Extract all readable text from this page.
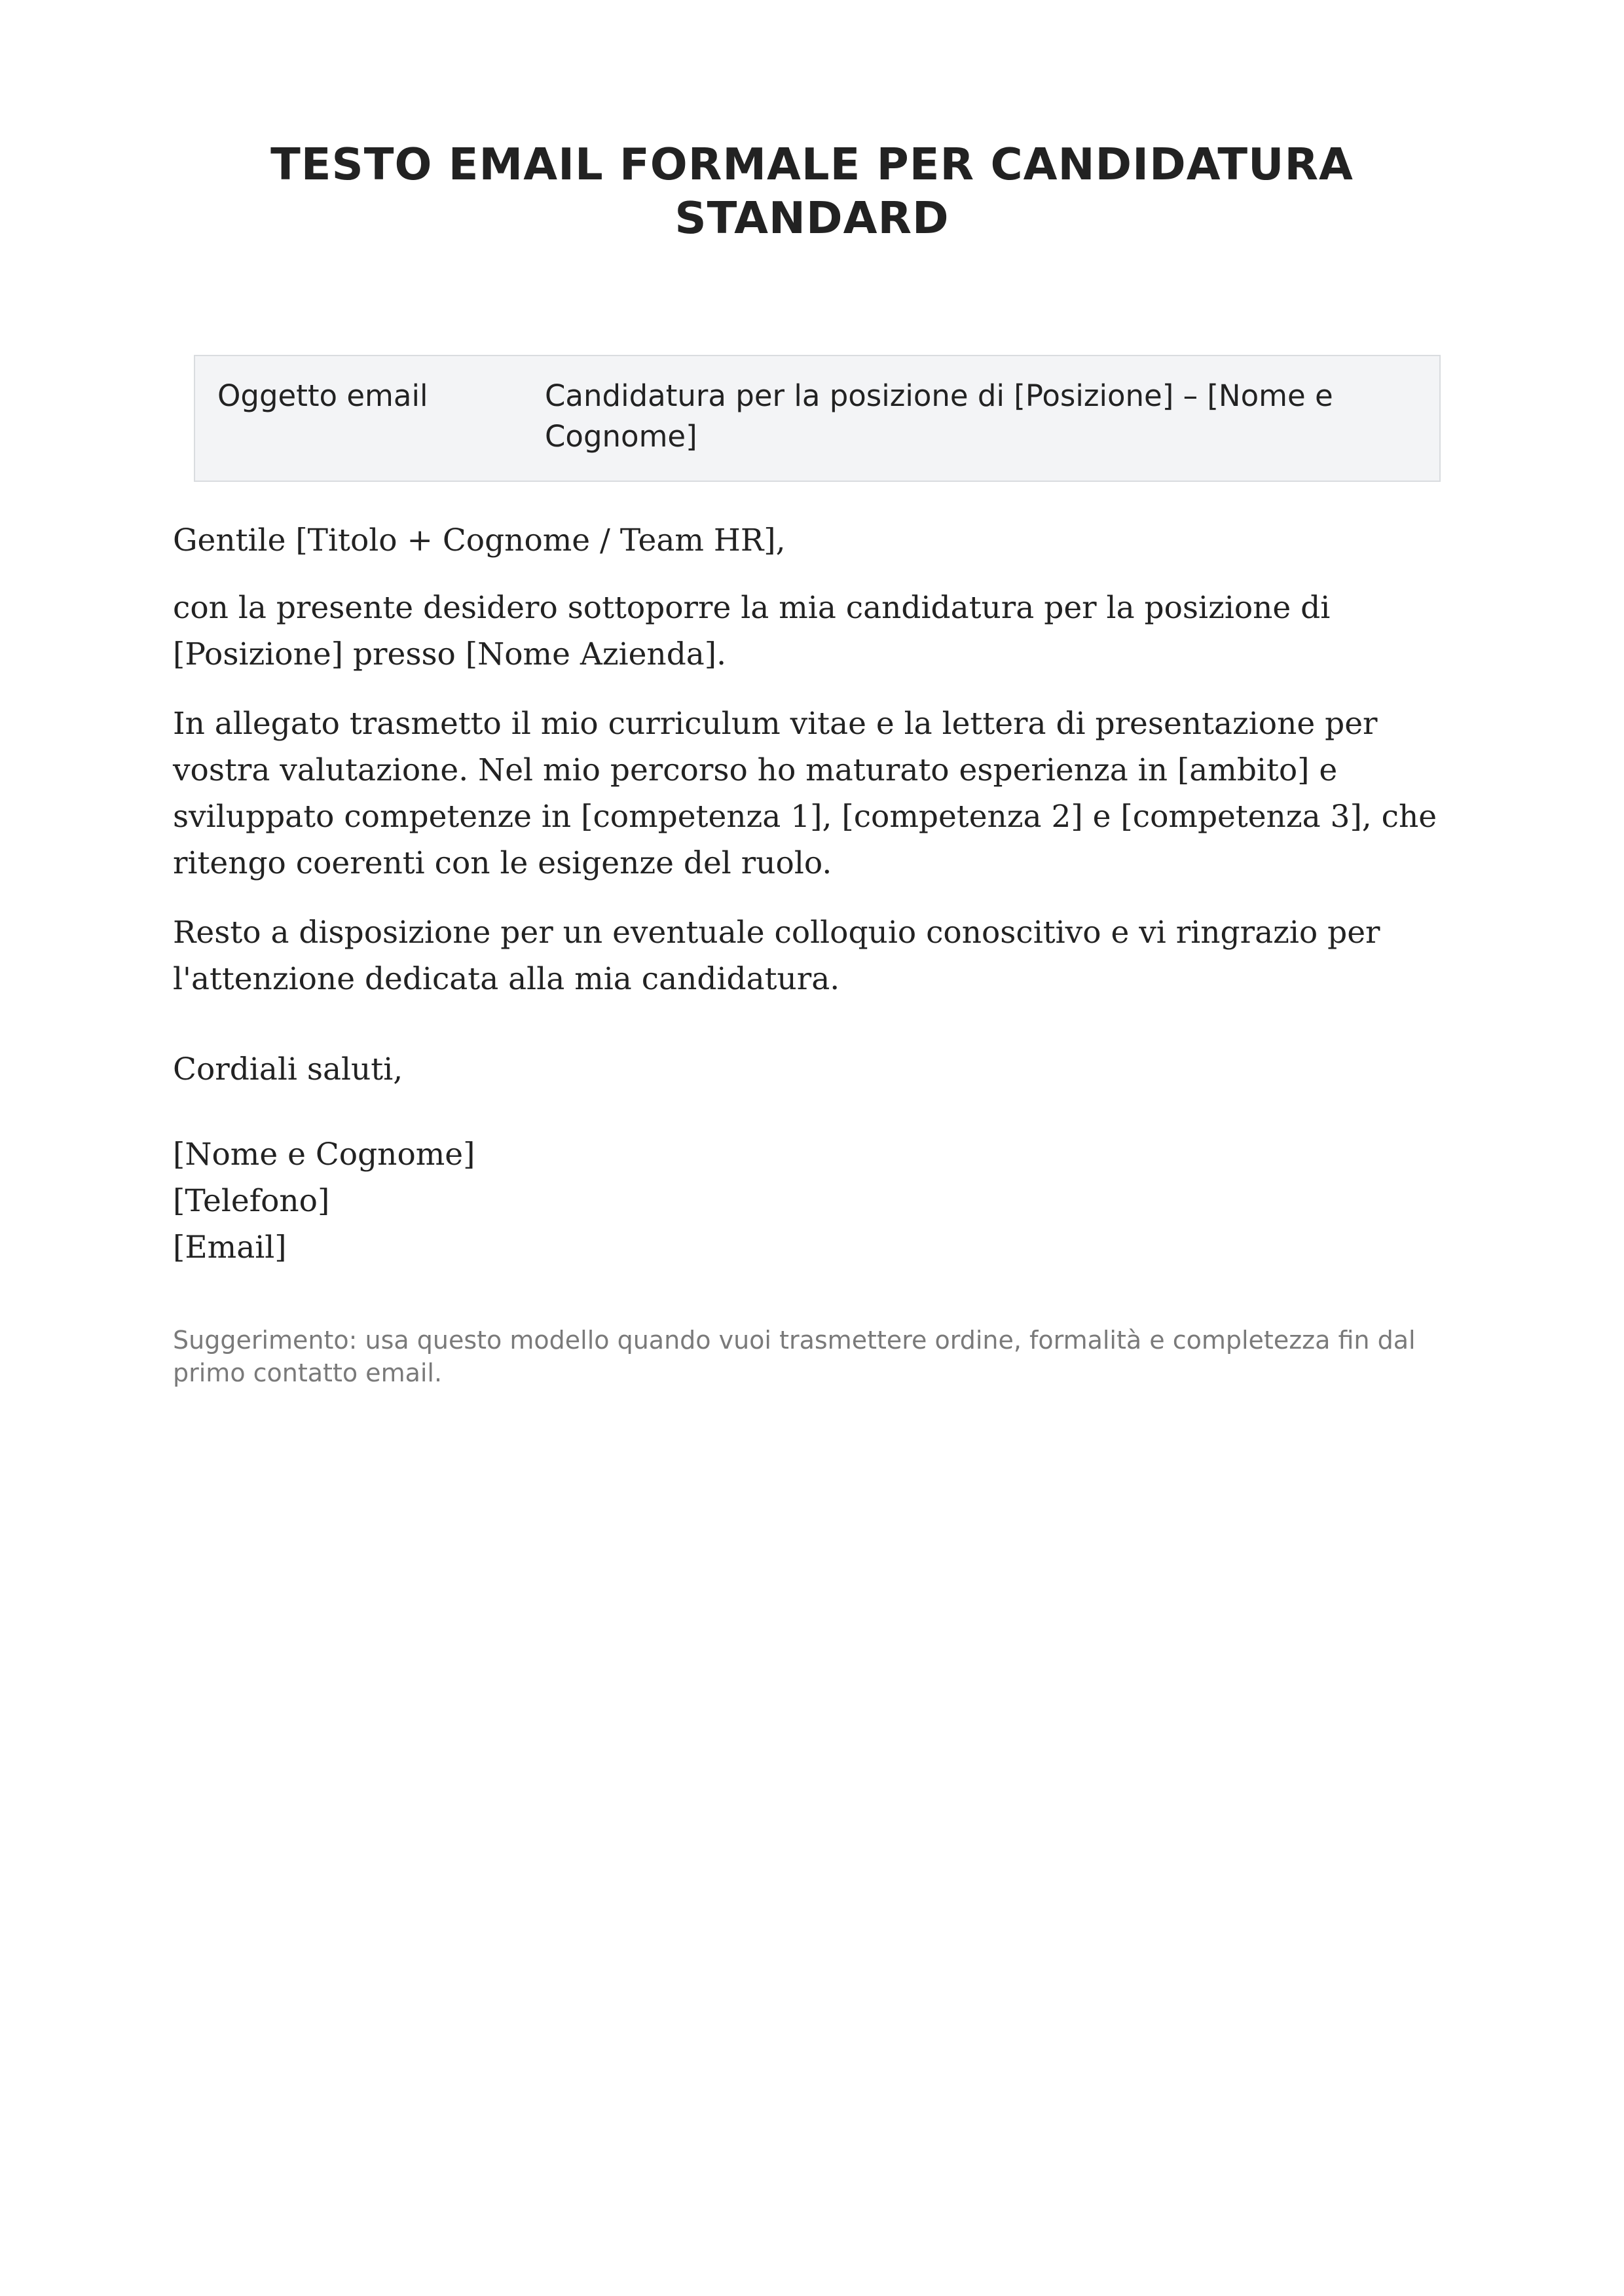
TESTO EMAIL FORMALE PER CANDIDATURA STANDARD
Oggetto email	Candidatura per la posizione di [Posizione] – [Nome e Cognome]

Gentile [Titolo + Cognome / Team HR],

con la presente desidero sottoporre la mia candidatura per la posizione di [Posizione] presso [Nome Azienda].

In allegato trasmetto il mio curriculum vitae e la lettera di presentazione per vostra valutazione. Nel mio percorso ho maturato esperienza in [ambito] e sviluppato competenze in [competenza 1], [competenza 2] e [competenza 3], che ritengo coerenti con le esigenze del ruolo.

Resto a disposizione per un eventuale colloquio conoscitivo e vi ringrazio per l'attenzione dedicata alla mia candidatura.

Cordiali saluti,

[Nome e Cognome]
[Telefono]
[Email]

Suggerimento: usa questo modello quando vuoi trasmettere ordine, formalità e completezza fin dal primo contatto email.
